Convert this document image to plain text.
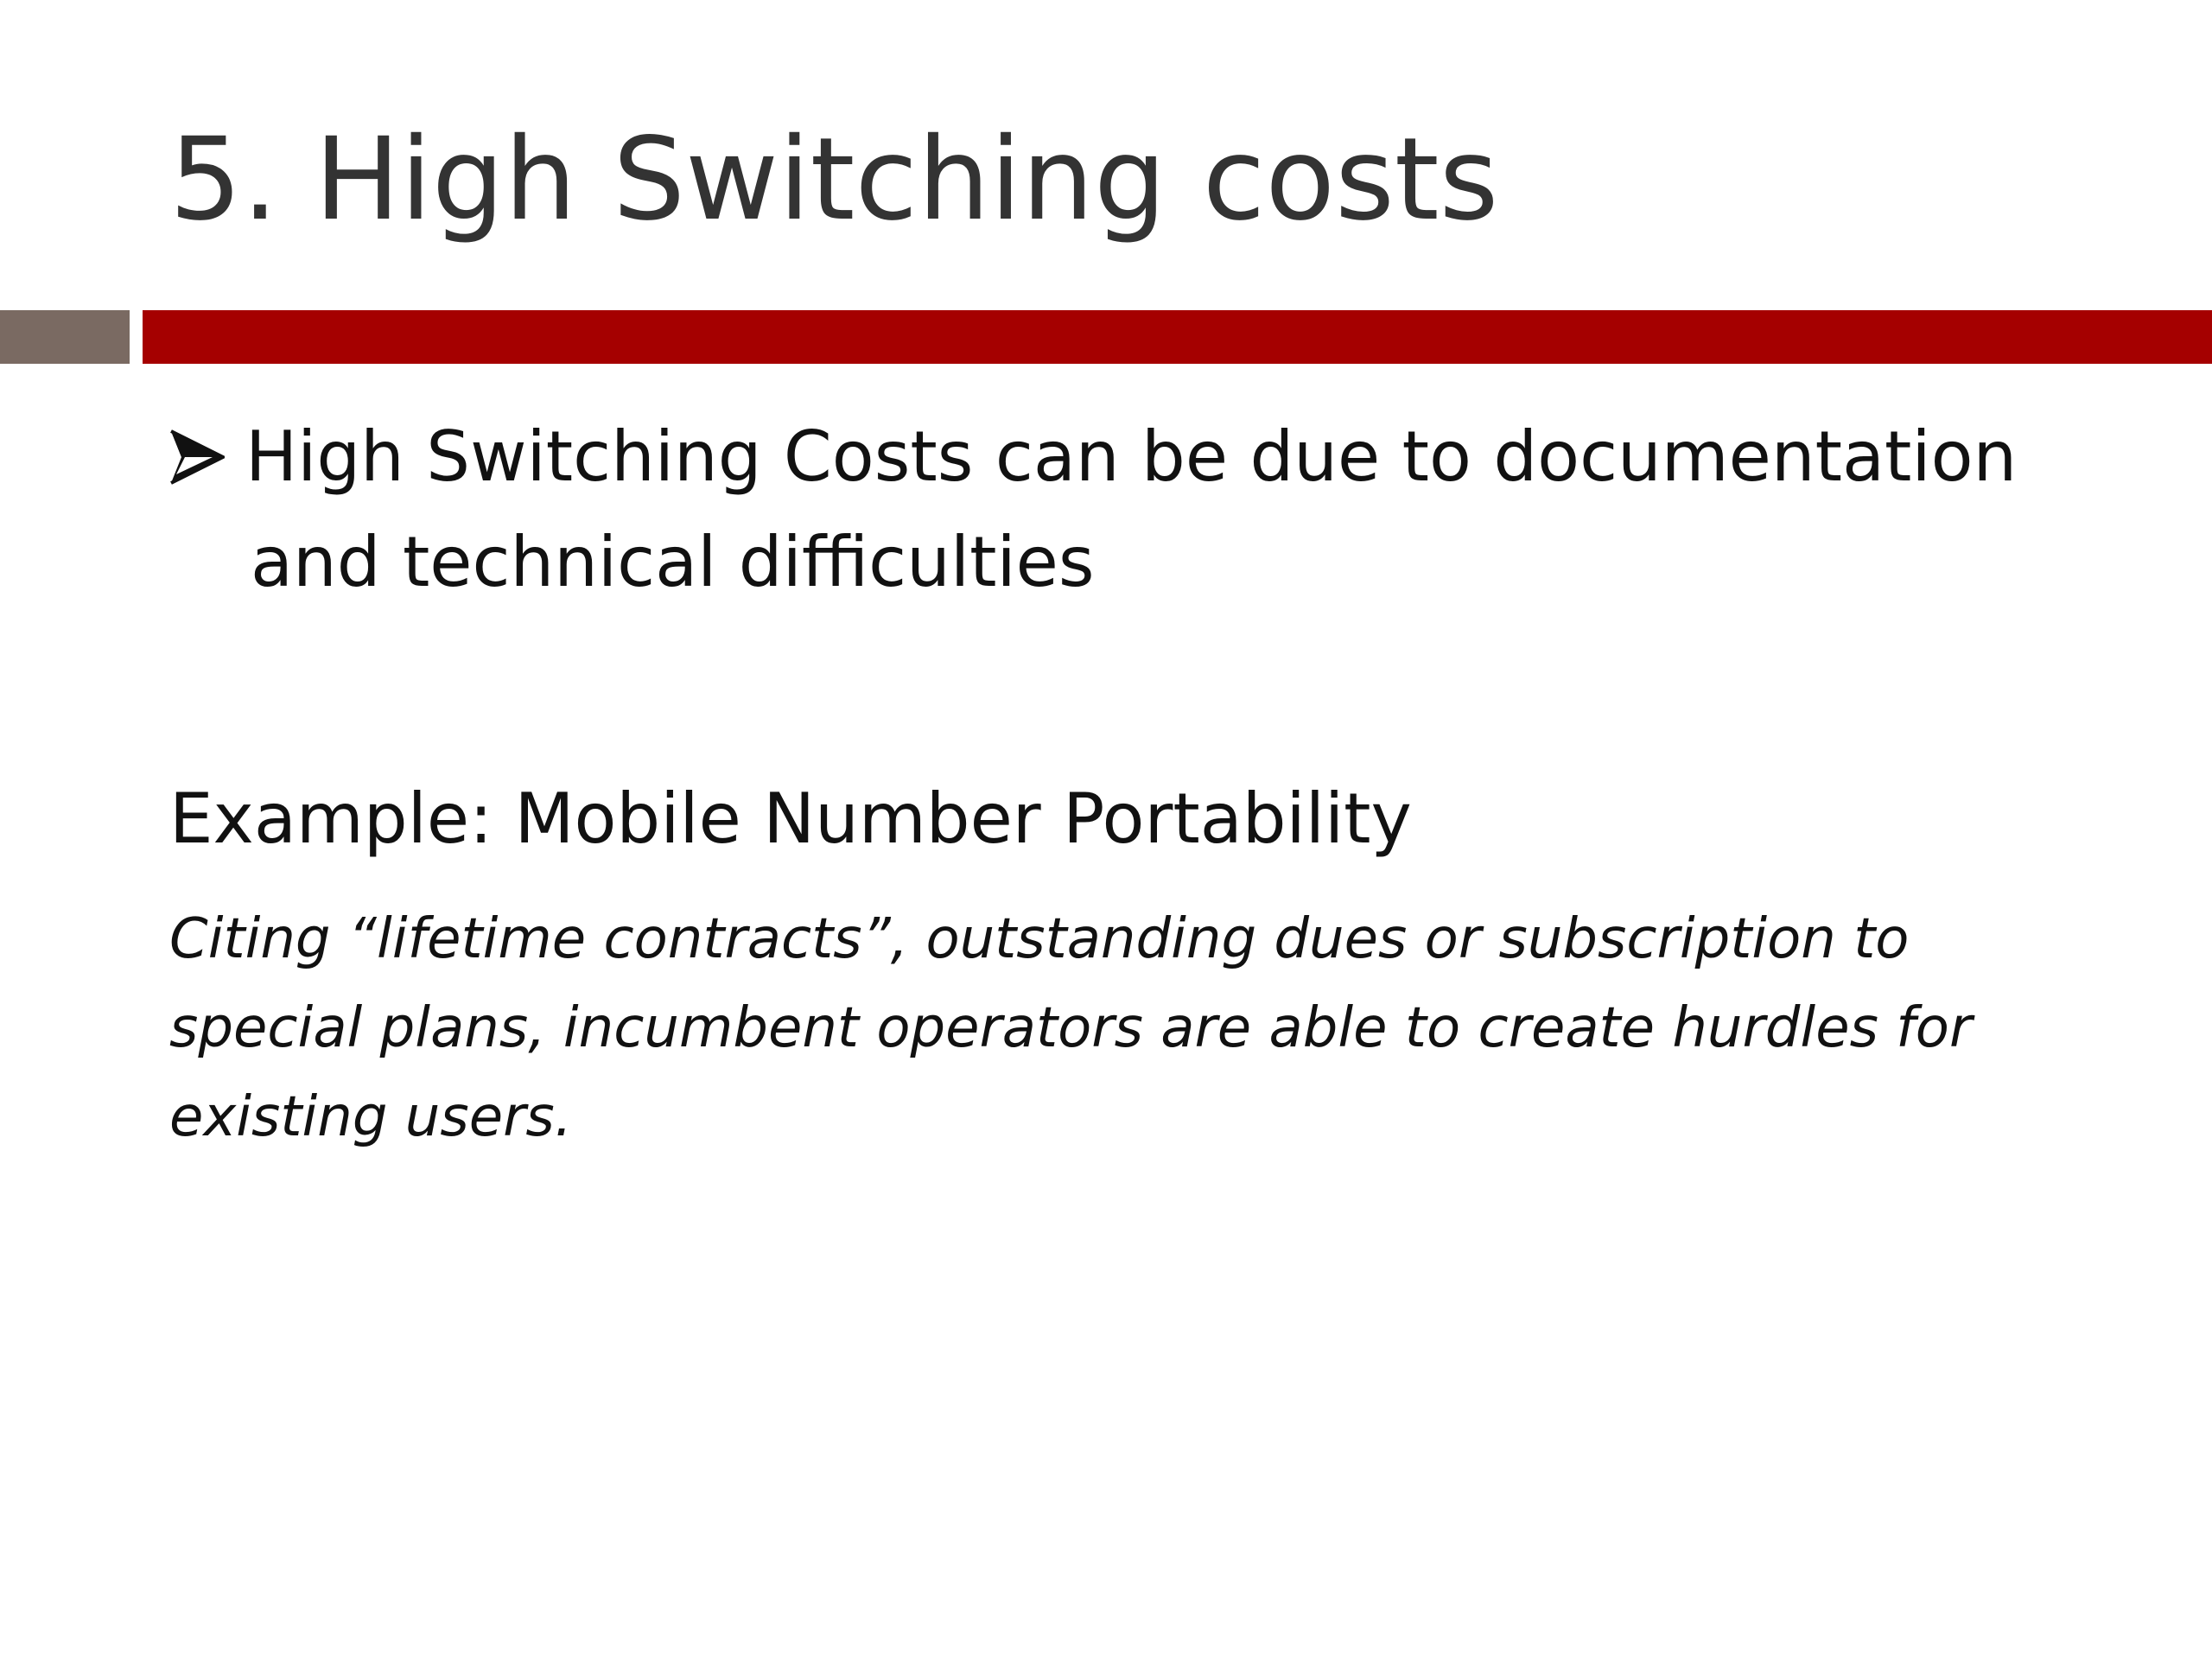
5. High Switching costs

High Switching Costs can be due to documentation

and technical difficulties

Example: Mobile Number Portability

Citing “lifetime contracts”, outstanding dues or subscription to special plans, incumbent operators are able to create hurdles for existing users.
